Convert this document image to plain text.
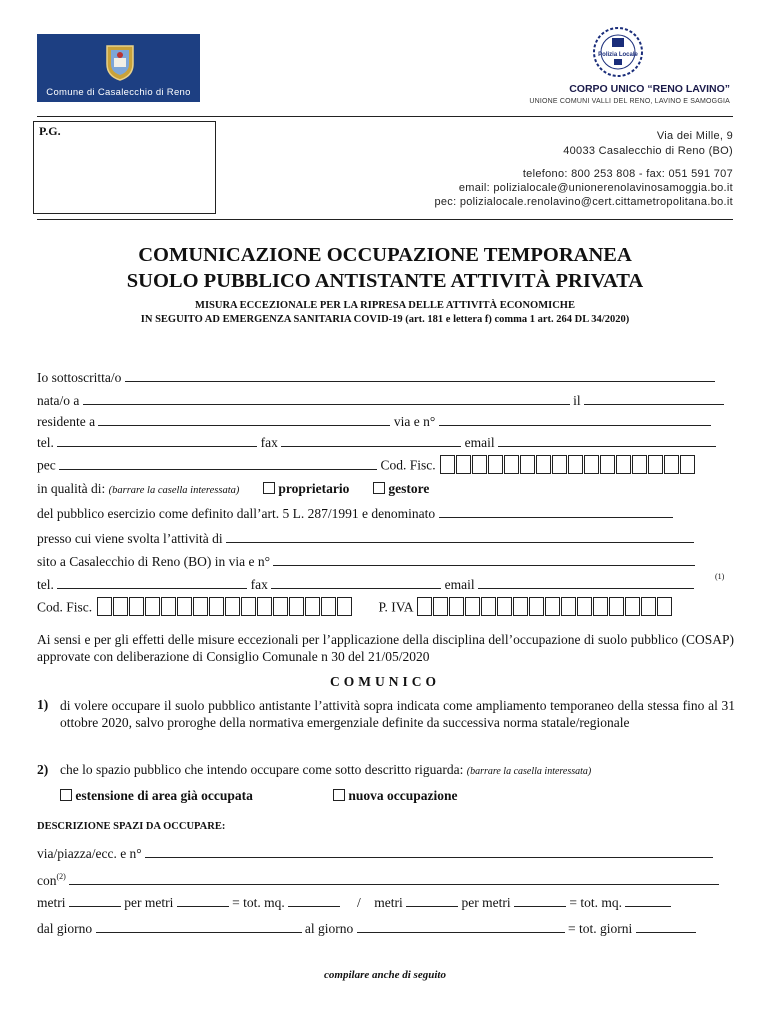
Comune di Casalecchio di Reno
Polizia Locale
CORPO UNICO “RENO LAVINO”
UNIONE COMUNI VALLI DEL RENO, LAVINO E SAMOGGIA
P.G.	Via dei Mille, 9
40033 Casalecchio di Reno (BO)
telefono: 800 253 808 - fax: 051 591 707
email: polizialocale@unionerenolavinosamoggia.bo.it
pec: polizialocale.renolavino@cert.cittametropolitana.bo.it
COMUNICAZIONE OCCUPAZIONE TEMPORANEA
SUOLO PUBBLICO ANTISTANTE ATTIVITÀ PRIVATA
MISURA ECCEZIONALE PER LA RIPRESA DELLE ATTIVITÀ ECONOMICHE
IN SEGUITO AD EMERGENZA SANITARIA COVID-19 (art. 181 e lettera f) comma 1 art. 264 DL 34/2020)
Io sottoscritta/o
nata/o a	il
residente a	via e n°
tel.	fax	email
pec	Cod. Fisc.
in qualità di: (barrare la casella interessata)	proprietario	gestore
del pubblico esercizio come definito dall’art. 5 L. 287/1991 e denominato
presso cui viene svolta l’attività di
sito a Casalecchio di Reno (BO) in via e n°
tel.	fax	email
(1)
Cod. Fisc.	P. IVA
Ai sensi e per gli effetti delle misure eccezionali per l’applicazione della disciplina dell’occupazione di suolo pubblico (COSAP) approvate con deliberazione di Consiglio Comunale n 30 del 21/05/2020
COMUNICO
1) di volere occupare il suolo pubblico antistante l’attività sopra indicata come ampliamento temporaneo della stessa fino al 31 ottobre 2020, salvo proroghe della normativa emergenziale definite da successiva norma statale/regionale
2) che lo spazio pubblico che intendo occupare come sotto descritto riguarda: (barrare la casella interessata)
estensione di area già occupata	nuova occupazione
DESCRIZIONE SPAZI DA OCCUPARE:
via/piazza/ecc. e n°
con$^{(2)}$
metri	per metri	= tot. mq.	/ metri	per metri	= tot. mq.
dal giorno	al giorno	= tot. giorni
compilare anche di seguito
